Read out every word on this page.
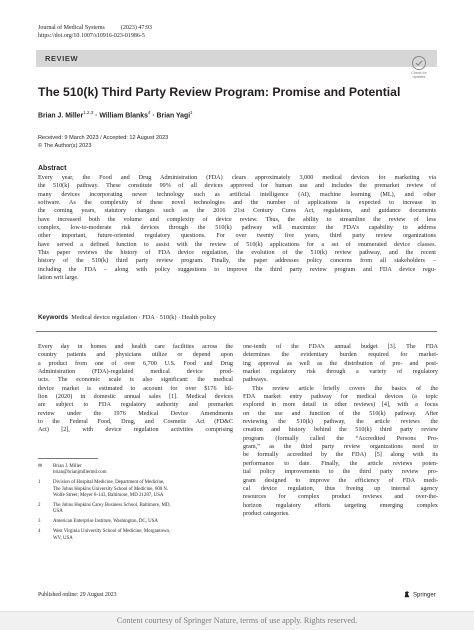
Journal of Medical Systems	(2023) 47:93
https://doi.org/10.1007/s10916-023-01986-5
REVIEW
Check for
updates
The 510(k) Third Party Review Program: Promise and Potential
Brian J. Miller$^{1,2,3}$ · William Blanks$^4$ · Brian Yagi$^1$
Received: 9 March 2023 / Accepted: 12 August 2023
© The Author(s) 2023
Abstract
Every year, the Food and Drug Administration (FDA) clears approximately 3,000 medical devices for marketing via
the 510(k) pathway. These constitute 99% of all devices approved for human use and includes the premarket review of
many devices incorporating newer technology such as artificial intelligence (AI), machine learning (ML), and other
software. As the complexity of these novel technologies and the number of applications is expected to increase in
the coming years, statutory changes such as the 2016 21st Century Cures Act, regulations, and guidance documents
have increased both the volume and complexity of device review. Thus, the ability to streamline the review of less
complex, low-to-moderate risk devices through the 510(k) pathway will maximize the FDA’s capability to address
other important, future-oriented regulatory questions. For over twenty five years, third party review organizations
have served a defined function to assist with the review of 510(k) applications for a set of enumerated device classes.
This paper reviews the history of FDA device regulation, the evolution of the 510(k) review pathway, and the recent
history of the 510(k) third party review program. Finally, the paper addresses policy concerns from all stakeholders –
including the FDA – along with policy suggestions to improve the third party review program and FDA device regu-
lation writ large.
Keywords Medical device regulation · FDA · 510(k) · Health policy
Every day in homes and health care facilities across the
country patients and physicians utilize or depend upon
a product from one of over 6,700 U.S. Food and Drug
Administration (FDA)-regulated medical device prod-
ucts. The economic scale is also significant: the medical
device market is estimated to account for over $176 bil-
lion (2020) in domestic annual sales [1]. Medical devices
are subject to FDA regulatory authority and premarket
review under the 1976 Medical Device Amendments
to the Federal Food, Drug, and Cosmetic Act (FD&C
Act) [2], with device regulation activities comprising
one-tenth of the FDA’s annual budget [3]. The FDA
determines the evidentiary burden required for market-
ing approval as well as the distribution of pre- and post-
market regulatory risk through a variety of regulatory
pathways.
This review article briefly covers the basics of the
FDA market entry pathway for medical devices (a topic
explored in more detail in other reviews) [4], with a focus
on the use and function of the 510(k) pathway. After
reviewing the 510(k) pathway, the article reviews the
creation and history behind the 510(k) third party review
program (formally called the “Accredited Persons Pro-
gram,” as the third party review organizations need to
be formally accredited by the FDA) [5] along with its
performance to date. Finally, the article reviews poten-
tial policy improvements to the third party review pro-
gram designed to improve the efficiency of FDA medi-
cal device regulation, thus freeing up internal agency
resources for complex product reviews and over-the-
horizon regulatory efforts targeting emerging complex
product categories.
✉ Brian J. Miller
brian@brianjmillermd.com
1	Division of Hospital Medicine, Department of Medicine,
The Johns Hopkins University School of Medicine, 600 N.
Wolfe Street; Meyer 8-143, Baltimore, MD 21287, USA
2	The Johns Hopkins Carey Business School, Baltimore, MD,
USA
3	American Enterprise Institute, Washington, DC, USA
4	West Virginia University School of Medicine, Morgantown,
WV, USA
Published online: 29 August 2023	Springer
Content courtesy of Springer Nature, terms of use apply. Rights reserved.
